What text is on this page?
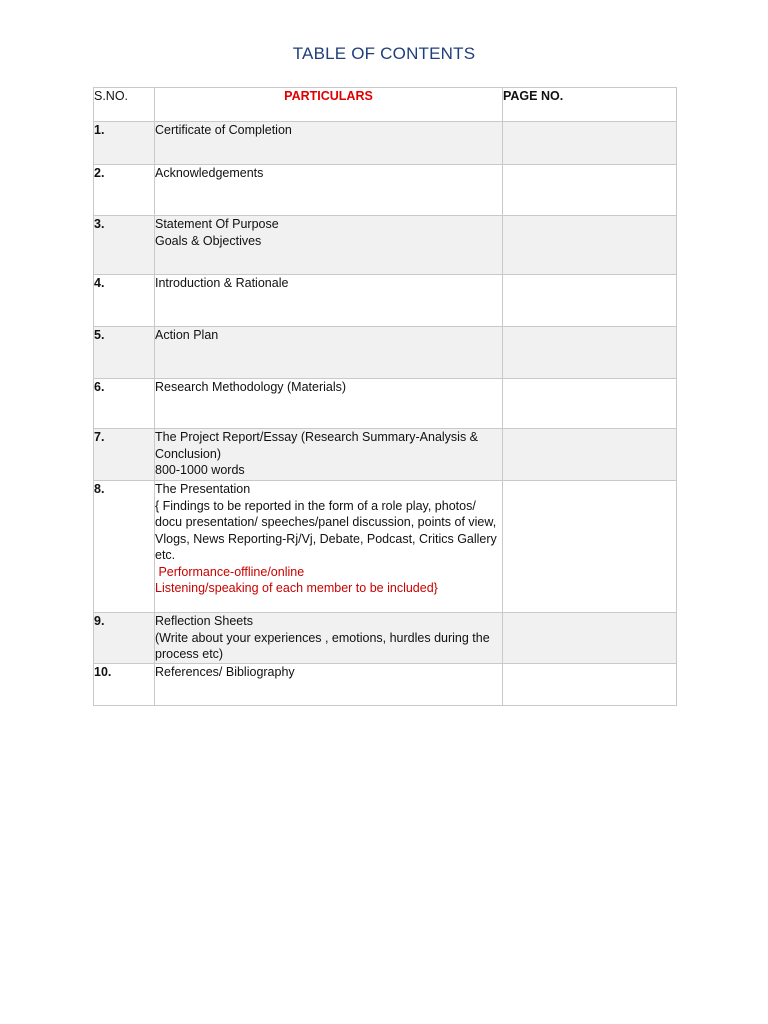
TABLE OF CONTENTS
S.NO.	PARTICULARS	PAGE NO.
1.	Certificate of Completion	

2.	Acknowledgements	

3.	Statement Of Purpose
Goals & Objectives	

4.	Introduction & Rationale	

5.	Action Plan	

6.	Research Methodology (Materials)	

7.	The Project Report/Essay (Research Summary-Analysis & Conclusion)
800-1000 words	

8.	The Presentation
{ Findings to be reported in the form of a role play, photos/ docu presentation/ speeches/panel discussion, points of view, Vlogs, News Reporting-Rj/Vj, Debate, Podcast, Critics Gallery etc.
Performance-offline/online
Listening/speaking of each member to be included}	

9.	Reflection Sheets
(Write about your experiences , emotions, hurdles during the process etc)	

10.	References/ Bibliography	
